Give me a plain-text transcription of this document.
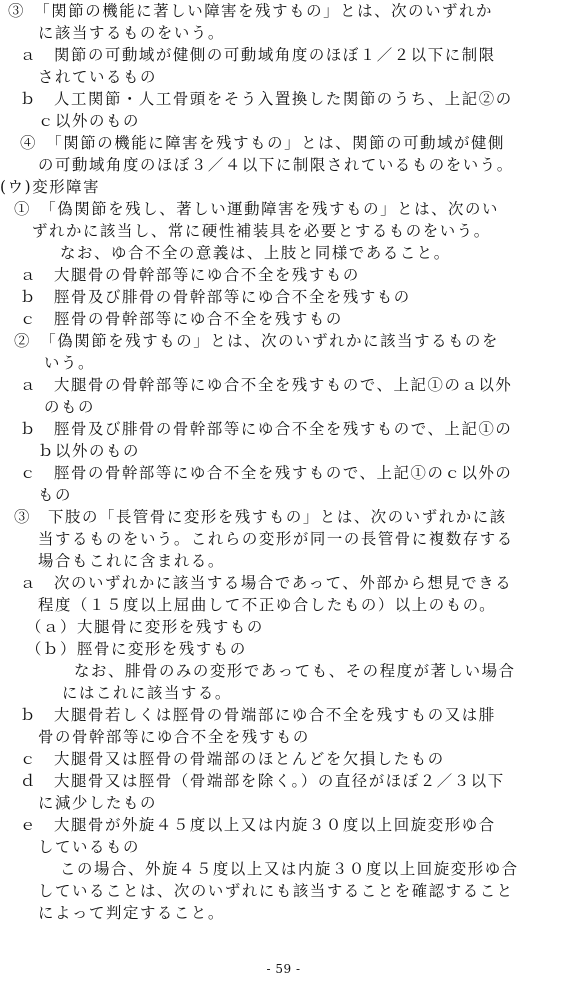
③　「関節の機能に著しい障害を残すもの」とは、次のいずれか
に該当するものをいう。
ａ　関節の可動域が健側の可動域角度のほぼ１／２以下に制限
されているもの
ｂ　人工関節・人工骨頭をそう入置換した関節のうち、上記②の
ｃ以外のもの
④　「関節の機能に障害を残すもの」とは、関節の可動域が健側
の可動域角度のほぼ３／４以下に制限されているものをいう。
(ウ)変形障害
①　「偽関節を残し、著しい運動障害を残すもの」とは、次のい
ずれかに該当し、常に硬性補装具を必要とするものをいう。
なお、ゆ合不全の意義は、上肢と同様であること。
ａ　大腿骨の骨幹部等にゆ合不全を残すもの
ｂ　脛骨及び腓骨の骨幹部等にゆ合不全を残すもの
ｃ　脛骨の骨幹部等にゆ合不全を残すもの
②　「偽関節を残すもの」とは、次のいずれかに該当するものを
いう。
ａ　大腿骨の骨幹部等にゆ合不全を残すもので、上記①のａ以外
のもの
ｂ　脛骨及び腓骨の骨幹部等にゆ合不全を残すもので、上記①の
ｂ以外のもの
ｃ　脛骨の骨幹部等にゆ合不全を残すもので、上記①のｃ以外の
もの
③　下肢の「長管骨に変形を残すもの」とは、次のいずれかに該
当するものをいう。これらの変形が同一の長管骨に複数存する
場合もこれに含まれる。
ａ　次のいずれかに該当する場合であって、外部から想見できる
程度（１５度以上屈曲して不正ゆ合したもの）以上のもの。
（ａ）大腿骨に変形を残すもの
（ｂ）脛骨に変形を残すもの
なお、腓骨のみの変形であっても、その程度が著しい場合
にはこれに該当する。
ｂ　大腿骨若しくは脛骨の骨端部にゆ合不全を残すもの又は腓
骨の骨幹部等にゆ合不全を残すもの
ｃ　大腿骨又は脛骨の骨端部のほとんどを欠損したもの
ｄ　大腿骨又は脛骨（骨端部を除く。）の直径がほぼ２／３以下
に減少したもの
ｅ　大腿骨が外旋４５度以上又は内旋３０度以上回旋変形ゆ合
しているもの
この場合、外旋４５度以上又は内旋３０度以上回旋変形ゆ合
していることは、次のいずれにも該当することを確認すること
によって判定すること。
- 59 -
